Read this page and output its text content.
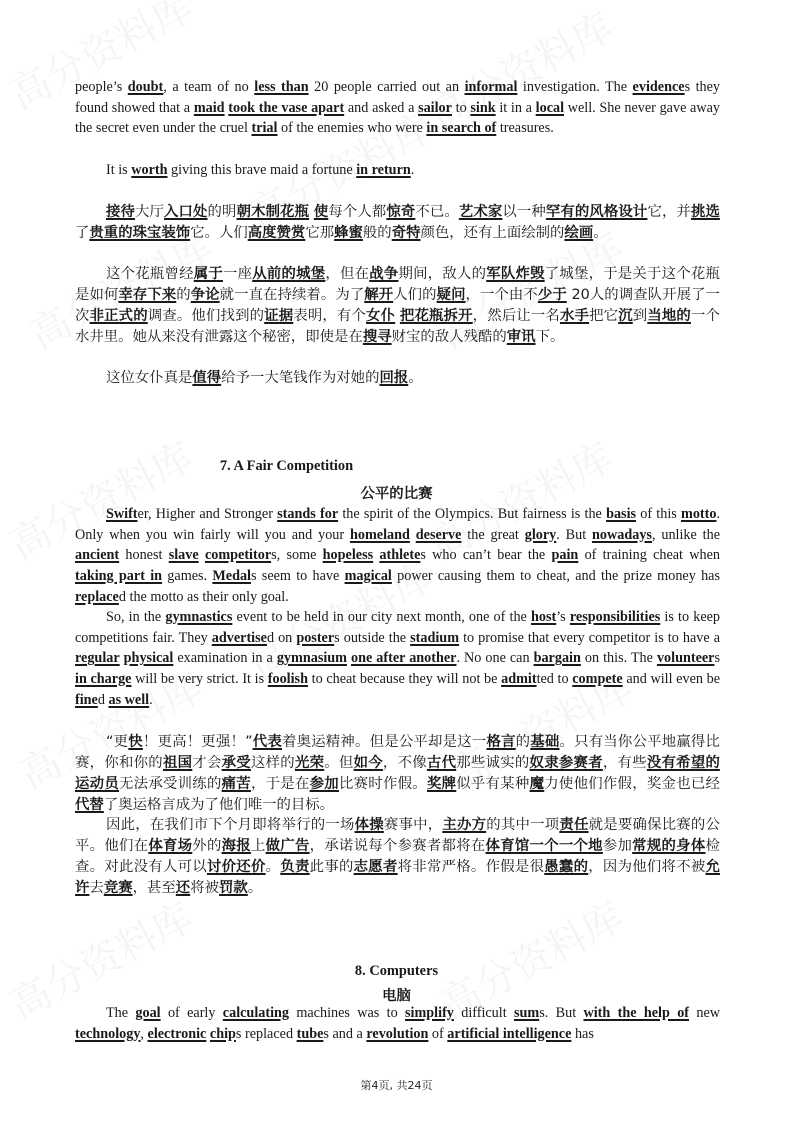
people’s doubt, a team of no less than 20 people carried out an informal investigation. The evidences they found showed that a maid took the vase apart and asked a sailor to sink it in a local well. She never gave away the secret even under the cruel trial of the enemies who were in search of treasures.
It is worth giving this brave maid a fortune in return.
接待大厅入口处的明朝木制花瓶 使每个人都惊奇不已。艺术家以一种罕有的风格设计它，并挑选了贵重的珠宝装饰它。人们高度赞赏它那蜂蜜般的奇特颜色，还有上面绘制的绘画。
这个花瓶曾经属于一座从前的城堡，但在战争期间，敌人的军队炸毁了城堡，于是关于这个花瓶是如何幸存下来的争论就一直在持续着。为了解开人们的疑问，一个由不少于 20人的调查队开展了一次非正式的调查。他们找到的证据表明，有个女仆 把花瓶拆开，然后让一名水手把它沉到当地的一个水井里。她从来没有泄露这个秘密，即使是在搜寻财宝的敌人残酷的审讯下。
这位女仆真是值得给予一大笔钱作为对她的回报。
7. A Fair Competition
公平的比赛
Swifter, Higher and Stronger stands for the spirit of the Olympics. But fairness is the basis of this motto. Only when you win fairly will you and your homeland deserve the great glory. But nowadays, unlike the ancient honest slave competitors, some hopeless athletes who can’t bear the pain of training cheat when taking part in games. Medals seem to have magical power causing them to cheat, and the prize money has replaced the motto as their only goal.
So, in the gymnastics event to be held in our city next month, one of the host’s responsibilities is to keep competitions fair. They advertised on posters outside the stadium to promise that every competitor is to have a regular physical examination in a gymnasium one after another. No one can bargain on this. The volunteers in charge will be very strict. It is foolish to cheat because they will not be admitted to compete and will even be fined as well.
“更快！更高！更强！”代表着奥运精神。但是公平却是这一格言的基础。只有当你公平地赢得比赛，你和你的祖国才会承受这样的光荣。但如今，不像古代那些诚实的奴隶参赛者，有些没有希望的运动员无法承受训练的痛苦，于是在参加比赛时作假。奖牌似乎有某种魔力使他们作假，奖金也已经代替了奥运格言成为了他们唯一的目标。
因此，在我们市下个月即将举行的一场体操赛事中，主办方的其中一项责任就是要确保比赛的公平。他们在体育场外的海报上做广告，承诺说每个参赛者都将在体育馆一个一个地参加常规的身体检查。对此没有人可以讨价还价。负责此事的志愿者将非常严格。作假是很愚蠢的，因为他们将不被允许去竞赛，甚至还将被罚款。
8. Computers
电脑
The goal of early calculating machines was to simplify difficult sums. But with the help of new technology, electronic chips replaced tubes and a revolution of artificial intelligence has
第4页, 共24页
